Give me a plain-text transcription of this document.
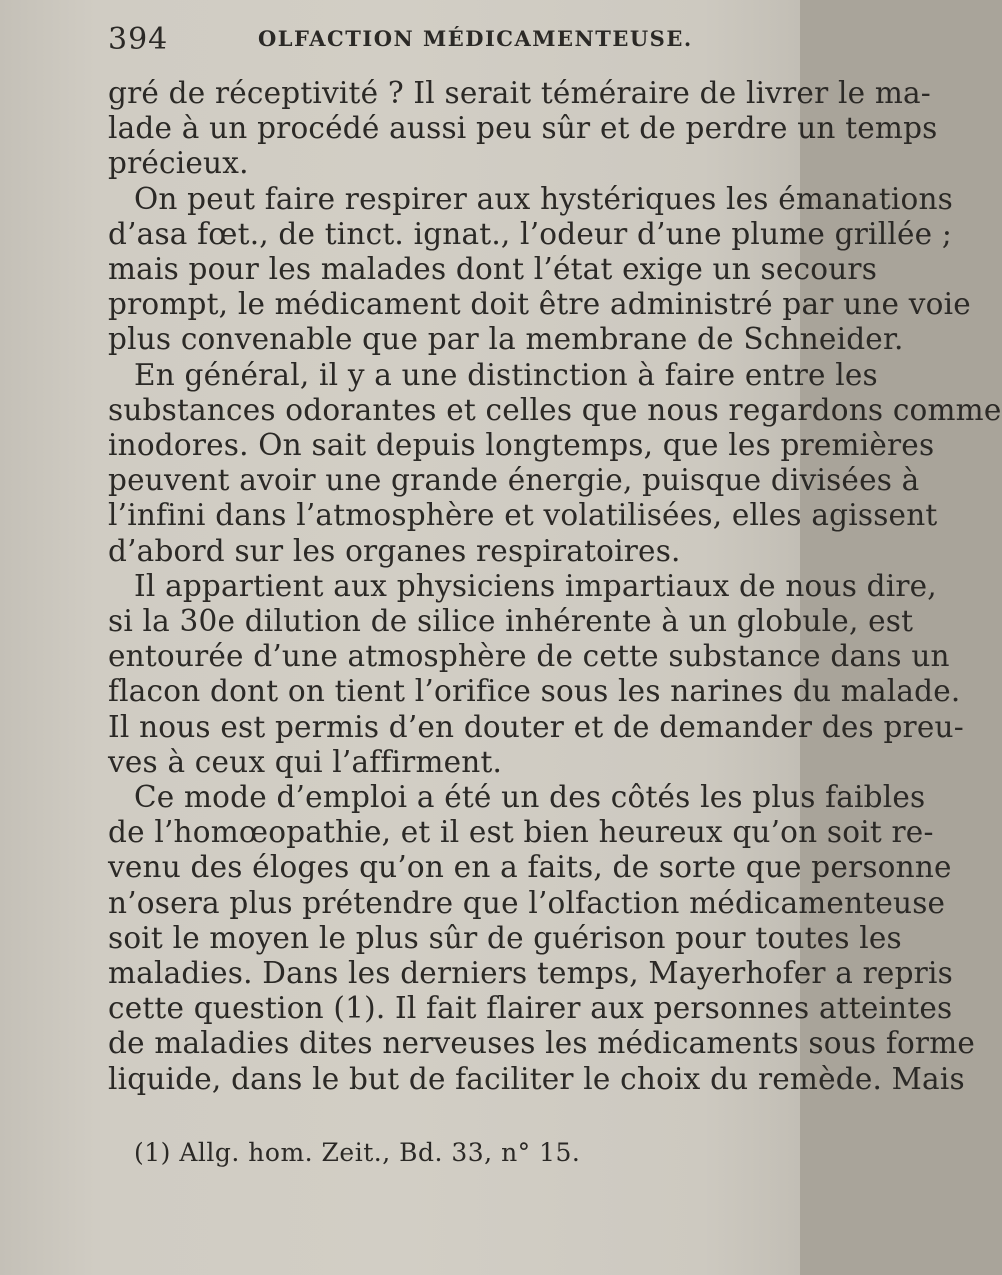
394	OLFACTION MÉDICAMENTEUSE.
gré de réceptivité ? Il serait téméraire de livrer le ma-
lade à un procédé aussi peu sûr et de perdre un temps
précieux.
On peut faire respirer aux hystériques les émanations
d’asa fœt., de tinct. ignat., l’odeur d’une plume grillée ;
mais pour les malades dont l’état exige un secours
prompt, le médicament doit être administré par une voie
plus convenable que par la membrane de Schneider.
En général, il y a une distinction à faire entre les
substances odorantes et celles que nous regardons comme
inodores. On sait depuis longtemps, que les premières
peuvent avoir une grande énergie, puisque divisées à
l’infini dans l’atmosphère et volatilisées, elles agissent
d’abord sur les organes respiratoires.
Il appartient aux physiciens impartiaux de nous dire,
si la 30e dilution de silice inhérente à un globule, est
entourée d’une atmosphère de cette substance dans un
flacon dont on tient l’orifice sous les narines du malade.
Il nous est permis d’en douter et de demander des preu-
ves à ceux qui l’affirment.
Ce mode d’emploi a été un des côtés les plus faibles
de l’homœopathie, et il est bien heureux qu’on soit re-
venu des éloges qu’on en a faits, de sorte que personne
n’osera plus prétendre que l’olfaction médicamenteuse
soit le moyen le plus sûr de guérison pour toutes les
maladies. Dans les derniers temps, Mayerhofer a repris
cette question (1). Il fait flairer aux personnes atteintes
de maladies dites nerveuses les médicaments sous forme
liquide, dans le but de faciliter le choix du remède. Mais
(1) Allg. hom. Zeit., Bd. 33, n° 15.
